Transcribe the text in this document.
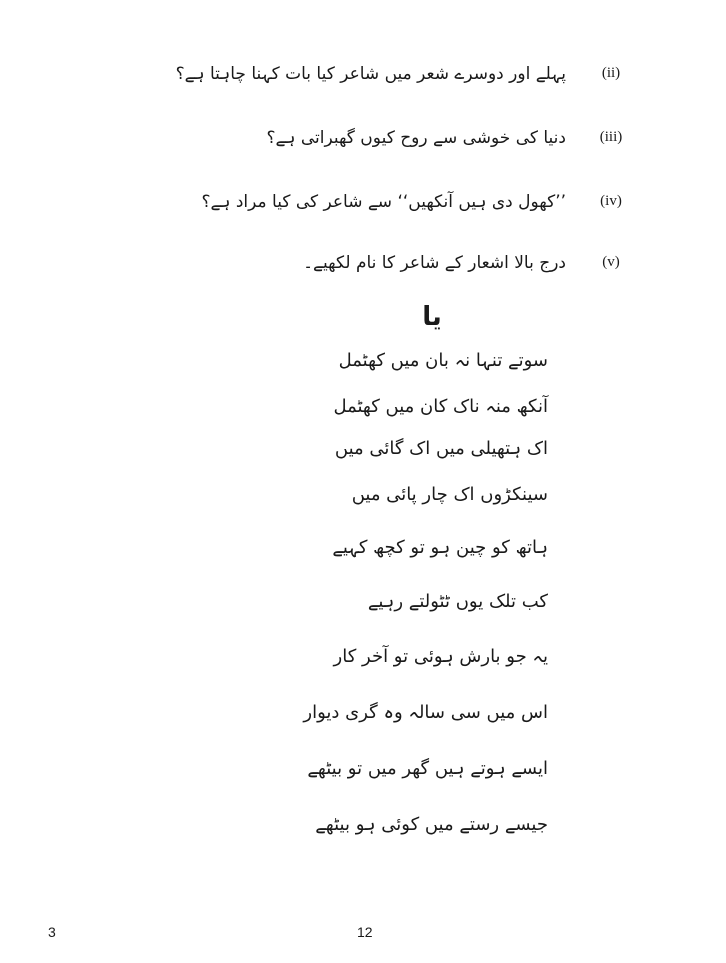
(ii)
پہلے اور دوسرے شعر میں شاعر کیا بات کہنا چاہتا ہے؟
(iii)
دنیا کی خوشی سے روح کیوں گھبراتی ہے؟
(iv)
’’کھول دی ہیں آنکھیں‘‘ سے شاعر کی کیا مراد ہے؟
(v)
درج بالا اشعار کے شاعر کا نام لکھیے۔
یا
سوتے تنہا نہ بان میں کھٹمل
آنکھ منہ ناک کان میں کھٹمل
اک ہتھیلی میں اک گائی میں
سینکڑوں اک چار پائی میں
ہاتھ کو چین ہو تو کچھ کہیے
کب تلک یوں ٹٹولتے رہیے
یہ جو بارش ہوئی تو آخر کار
اس میں سی سالہ وہ گری دیوار
ایسے ہوتے ہیں گھر میں تو بیٹھے
جیسے رستے میں کوئی ہو بیٹھے
3	12
